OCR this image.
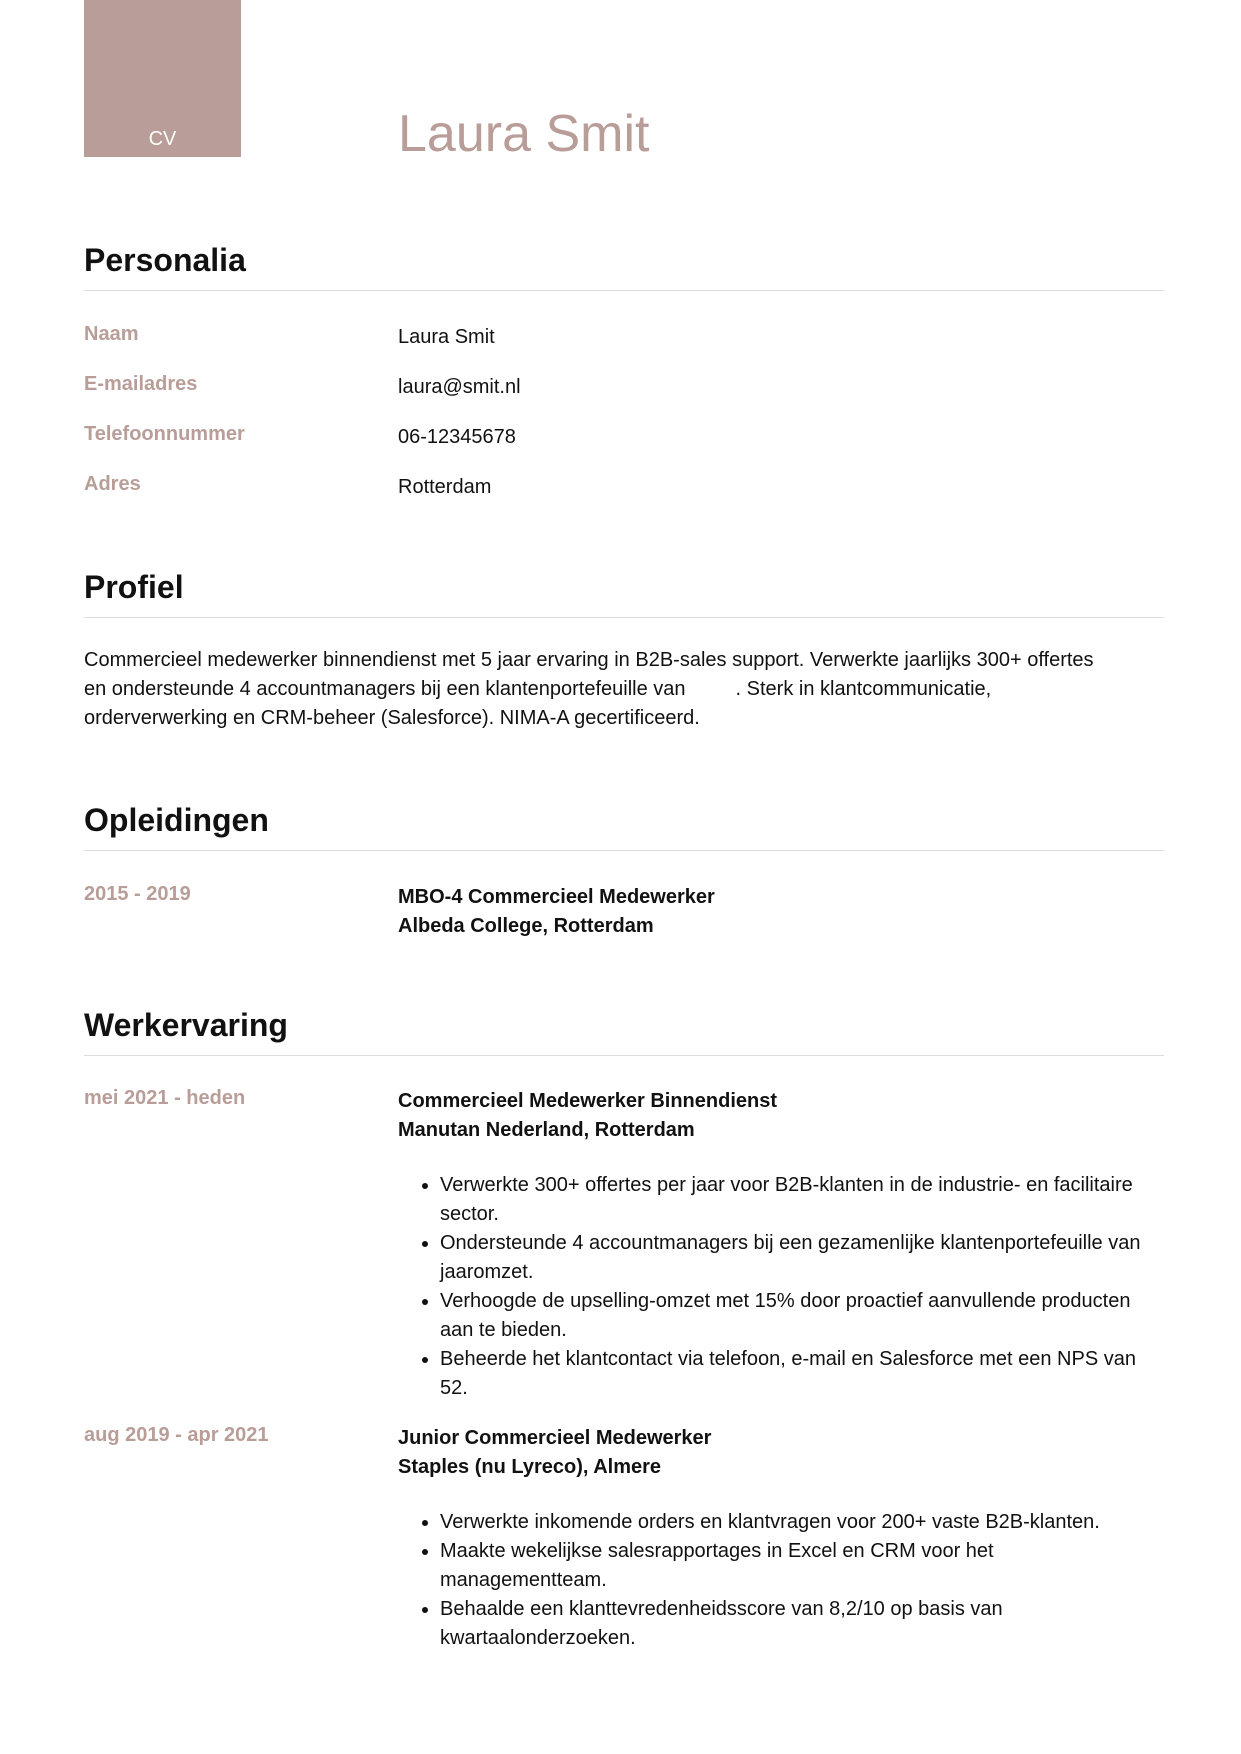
CV	Laura Smit
Personalia
Naam	Laura Smit
E-mailadres	laura@smit.nl
Telefoonnummer	06-12345678
Adres	Rotterdam
Profiel
Commercieel medewerker binnendienst met 5 jaar ervaring in B2B-sales support. Verwerkte jaarlijks 300+ offertes
en ondersteunde 4 accountmanagers bij een klantenportefeuille van	. Sterk in klantcommunicatie,
orderverwerking en CRM-beheer (Salesforce). NIMA-A gecertificeerd.
Opleidingen
2015 - 2019	MBO-4 Commercieel Medewerker
Albeda College, Rotterdam
Werkervaring
mei 2021 - heden	Commercieel Medewerker Binnendienst
Manutan Nederland, Rotterdam
• Verwerkte 300+ offertes per jaar voor B2B-klanten in de industrie- en facilitaire sector.
• Ondersteunde 4 accountmanagers bij een gezamenlijke klantenportefeuille van          jaaromzet.
• Verhoogde de upselling-omzet met 15% door proactief aanvullende producten aan te bieden.
• Beheerde het klantcontact via telefoon, e-mail en Salesforce met een NPS van 52.
aug 2019 - apr 2021	Junior Commercieel Medewerker
Staples (nu Lyreco), Almere
• Verwerkte inkomende orders en klantvragen voor 200+ vaste B2B-klanten.
• Maakte wekelijkse salesrapportages in Excel en CRM voor het managementteam.
• Behaalde een klanttevredenheidsscore van 8,2/10 op basis van kwartaalonderzoeken.
